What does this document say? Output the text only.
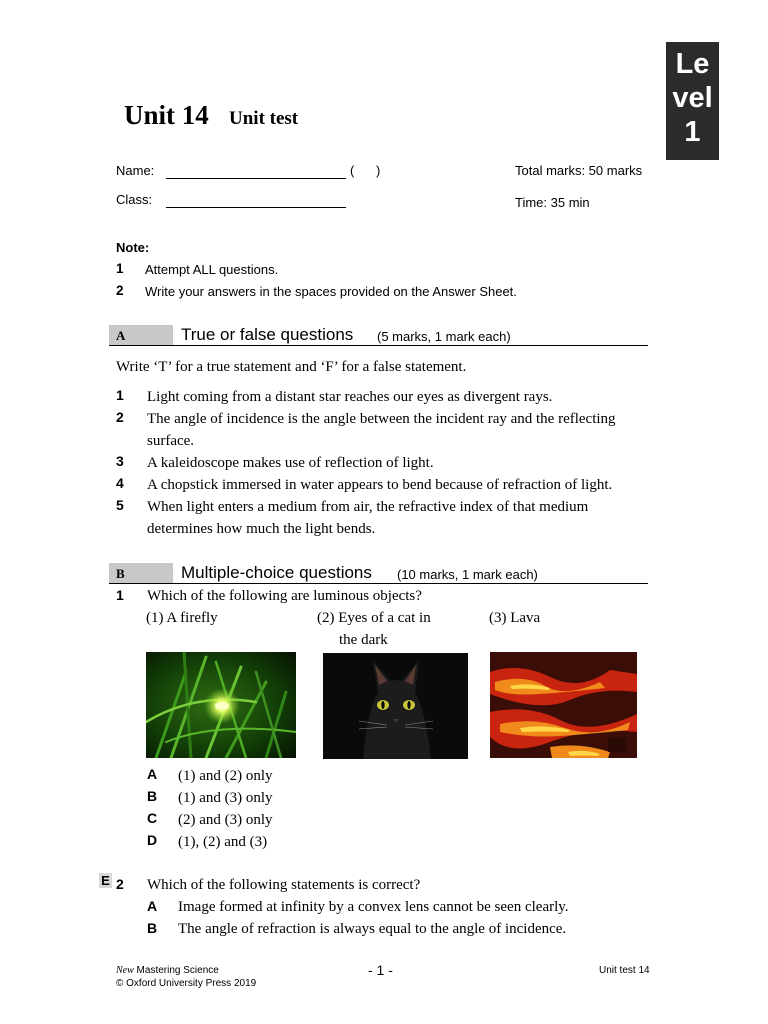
Le
vel
1
Unit 14 Unit test
Name:	(      )
Class:
Total marks: 50 marks
Time: 35 min
Note:
1 Attempt ALL questions.
2 Write your answers in the spaces provided on the Answer Sheet.
A	True or false questions (5 marks, 1 mark each)
Write ‘T’ for a true statement and ‘F’ for a false statement.
1 Light coming from a distant star reaches our eyes as divergent rays.
2 The angle of incidence is the angle between the incident ray and the reflecting
surface.
3 A kaleidoscope makes use of reflection of light.
4 A chopstick immersed in water appears to bend because of refraction of light.
5 When light enters a medium from air, the refractive index of that medium
determines how much the light bends.
B	Multiple-choice questions (10 marks, 1 mark each)
1 Which of the following are luminous objects?
(1) A firefly	(2) Eyes of a cat in
the dark
(3) Lava
A (1) and (2) only
B (1) and (3) only
C (2) and (3) only
D (1), (2) and (3)
E 2 Which of the following statements is correct?
A Image formed at infinity by a convex lens cannot be seen clearly.
B The angle of refraction is always equal to the angle of incidence.
New Mastering Science
© Oxford University Press 2019
- 1 -	Unit test 14
